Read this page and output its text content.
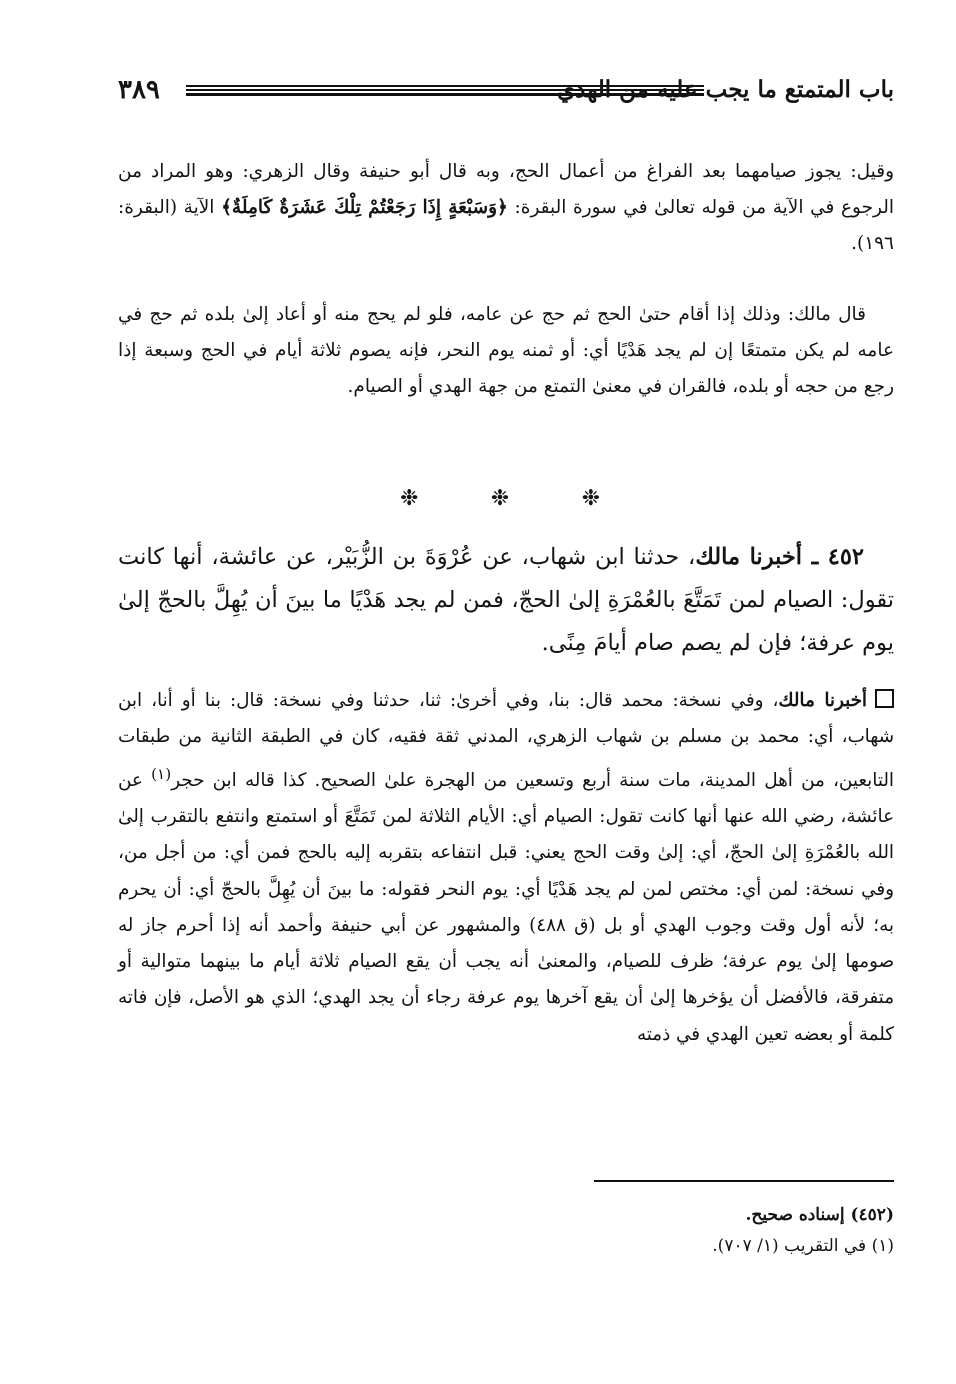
٣٨٩	باب المتمتع ما يجب عليه من الهدي

وقيل: يجوز صيامهما بعد الفراغ من أعمال الحج، وبه قال أبو حنيفة وقال الزهري: وهو المراد من الرجوع في الآية من قوله تعالىٰ في سورة البقرة: ﴿وَسَبْعَةٍ إِذَا رَجَعْتُمْ تِلْكَ عَشَرَةٌ كَامِلَةٌ﴾ الآية (البقرة: ١٩٦).

قال مالك: وذلك إذا أقام حتىٰ الحج ثم حج عن عامه، فلو لم يحج منه أو أعاد إلىٰ بلده ثم حج في عامه لم يكن متمتعًا إن لم يجد هَدْيًا أي: أو ثمنه يوم النحر، فإنه يصوم ثلاثة أيام في الحج وسبعة إذا رجع من حجه أو بلده، فالقران في معنىٰ التمتع من جهة الهدي أو الصيام.

❉	❉	❉

٤٥٢ ـ أخبرنا مالك، حدثنا ابن شهاب، عن عُرْوَةَ بن الزُّبَيْر، عن عائشة، أنها كانت تقول: الصيام لمن تَمَتَّعَ بالعُمْرَةِ إلىٰ الحجّ، فمن لم يجد هَدْيًا ما بينَ أن يُهِلَّ بالحجّ إلىٰ يوم عرفة؛ فإن لم يصم صام أيامَ مِنًى.

أخبرنا مالك، وفي نسخة: محمد قال: بنا، وفي أخرىٰ: ثنا، حدثنا وفي نسخة: قال: بنا أو أنا، ابن شهاب، أي: محمد بن مسلم بن شهاب الزهري، المدني ثقة فقيه، كان في الطبقة الثانية من طبقات التابعين، من أهل المدينة، مات سنة أربع وتسعين من الهجرة علىٰ الصحيح. كذا قاله ابن حجر$^{(١)}$ عن عائشة، رضي الله عنها أنها كانت تقول: الصيام أي: الأيام الثلاثة لمن تَمَتَّعَ أو استمتع وانتفع بالتقرب إلىٰ الله بالعُمْرَةِ إلىٰ الحجّ، أي: إلىٰ وقت الحج يعني: قبل انتفاعه بتقربه إليه بالحج فمن أي: من أجل من، وفي نسخة: لمن أي: مختص لمن لم يجد هَدْيًا أي: يوم النحر فقوله: ما بينَ أن يُهِلَّ بالحجّ أي: أن يحرم به؛ لأنه أول وقت وجوب الهدي أو بل (ق ٤٨٨) والمشهور عن أبي حنيفة وأحمد أنه إذا أحرم جاز له صومها إلىٰ يوم عرفة؛ ظرف للصيام، والمعنىٰ أنه يجب أن يقع الصيام ثلاثة أيام ما بينهما متوالية أو متفرقة، فالأفضل أن يؤخرها إلىٰ أن يقع آخرها يوم عرفة رجاء أن يجد الهدي؛ الذي هو الأصل، فإن فاته كلمة أو بعضه تعين الهدي في ذمته

(٤٥٢) إسناده صحيح.

(١) في التقريب (١/ ٧٠٧).
